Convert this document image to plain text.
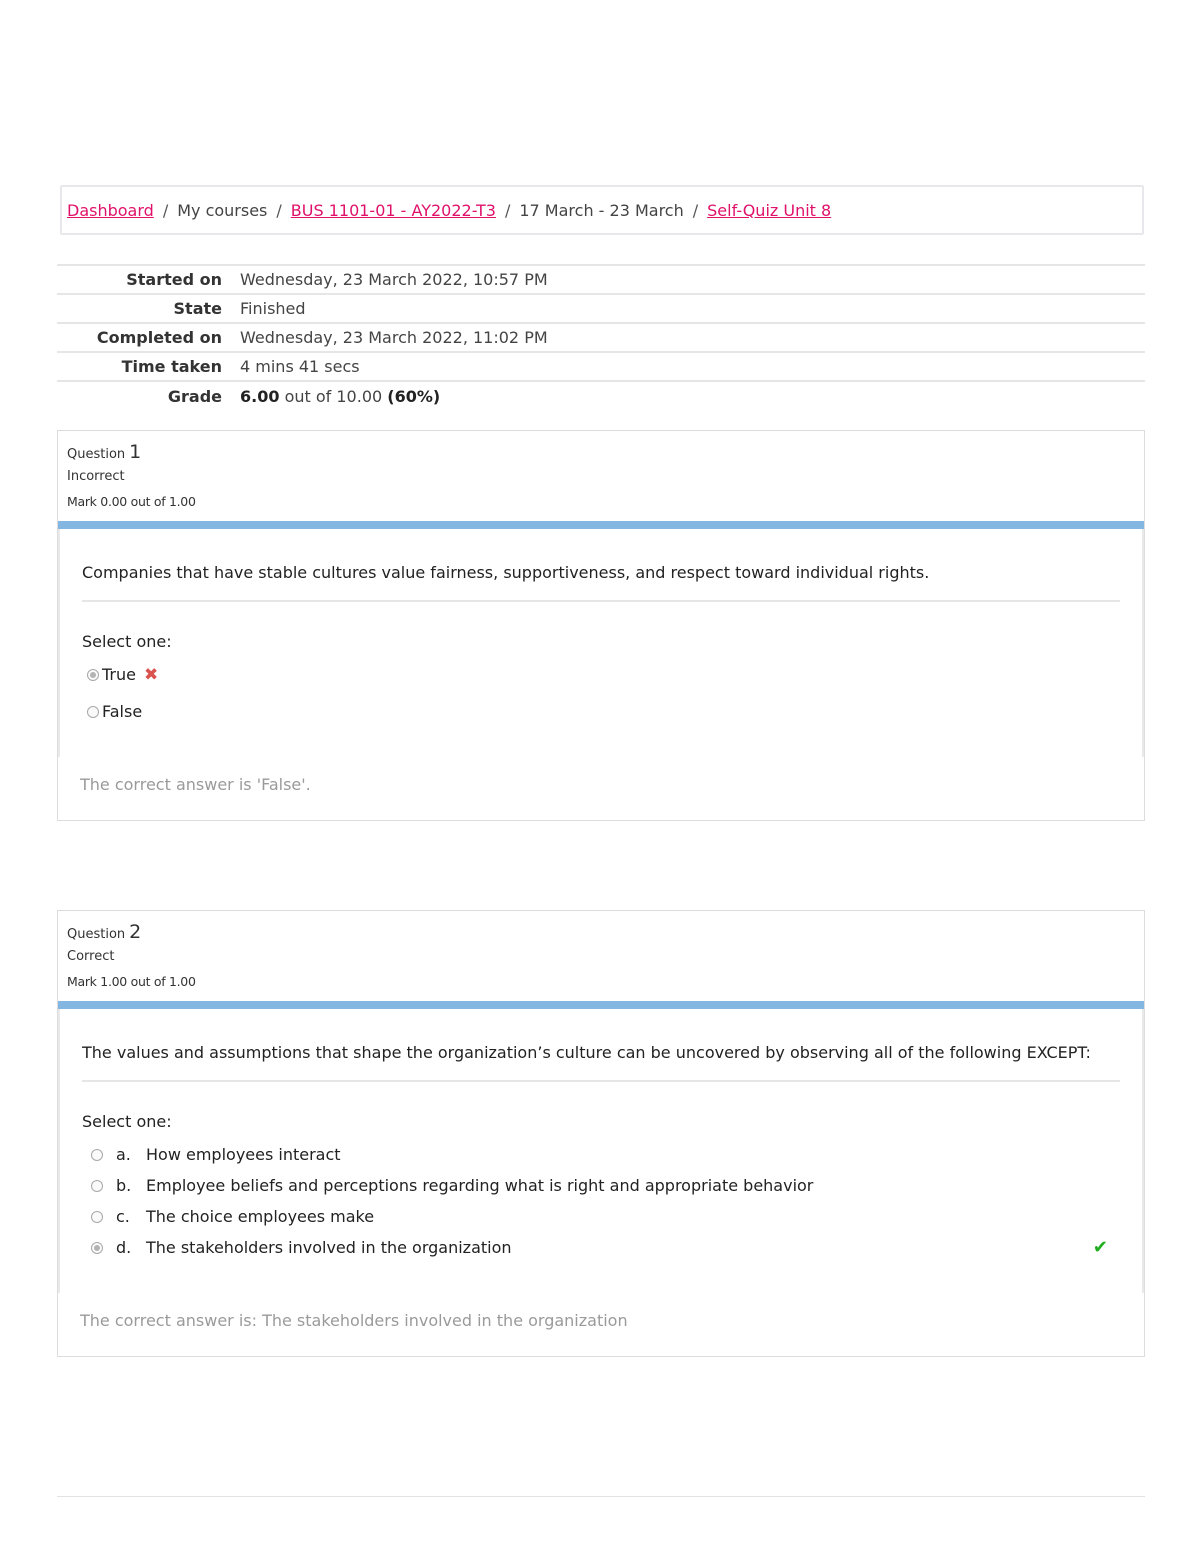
Dashboard / My courses / BUS 1101-01 - AY2022-T3 / 17 March - 23 March / Self-Quiz Unit 8
Started on	Wednesday, 23 March 2022, 10:57 PM
State	Finished
Completed on	Wednesday, 23 March 2022, 11:02 PM
Time taken	4 mins 41 secs
Grade	6.00 out of 10.00 (60%)
Question 1
Incorrect
Mark 0.00 out of 1.00
Companies that have stable cultures value fairness, supportiveness, and respect toward individual rights.
Select one:
True ✖
False
The correct answer is 'False'.
Question 2
Correct
Mark 1.00 out of 1.00
The values and assumptions that shape the organization’s culture can be uncovered by observing all of the following EXCEPT:
Select one:
a. How employees interact
b. Employee beliefs and perceptions regarding what is right and appropriate behavior
c.	The choice employees make
d. The stakeholders involved in the organization	✔
The correct answer is: The stakeholders involved in the organization
